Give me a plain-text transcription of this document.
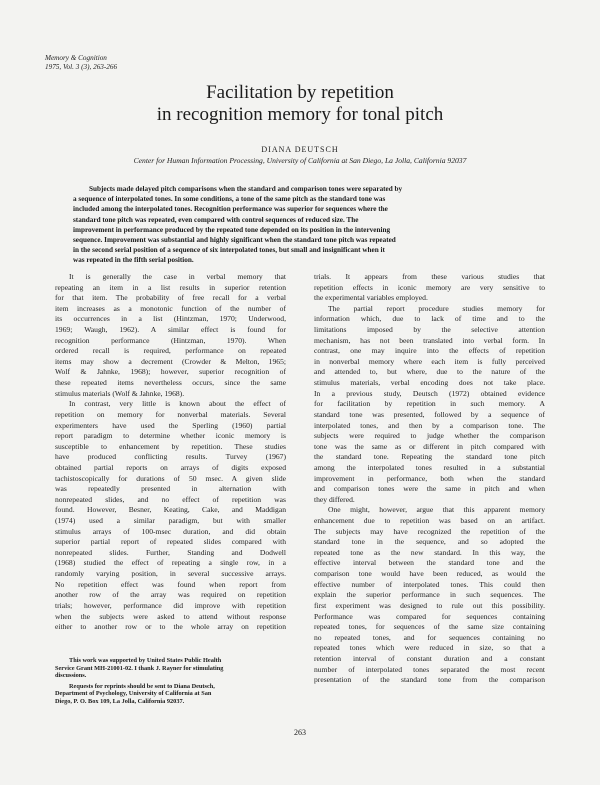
Memory & Cognition
1975, Vol. 3 (3), 263-266
Facilitation by repetition
in recognition memory for tonal pitch
DIANA DEUTSCH
Center for Human Information Processing, University of California at San Diego, La Jolla, California 92037
Subjects made delayed pitch comparisons when the standard and comparison tones were separated by
a sequence of interpolated tones. In some conditions, a tone of the same pitch as the standard tone was
included among the interpolated tones. Recognition performance was superior for sequences where the
standard tone pitch was repeated, even compared with control sequences of reduced size. The
improvement in performance produced by the repeated tone depended on its position in the intervening
sequence. Improvement was substantial and highly significant when the standard tone pitch was repeated
in the second serial position of a sequence of six interpolated tones, but small and insignificant when it
was repeated in the fifth serial position.
It is generally the case in verbal memory that
repeating an item in a list results in superior retention
for that item. The probability of free recall for a verbal
item increases as a monotonic function of the number of
its occurrences in a list (Hintzman, 1970; Underwood,
1969; Waugh, 1962). A similar effect is found for
recognition performance (Hintzman, 1970). When
ordered recall is required, performance on repeated
items may show a decrement (Crowder & Melton, 1965;
Wolf & Jahnke, 1968); however, superior recognition of
these repeated items nevertheless occurs, since the same
stimulus materials (Wolf & Jahnke, 1968).
In contrast, very little is known about the effect of
repetition on memory for nonverbal materials. Several
experimenters have used the Sperling (1960) partial
report paradigm to determine whether iconic memory is
susceptible to enhancement by repetition. These studies
have produced conflicting results. Turvey (1967)
obtained partial reports on arrays of digits exposed
tachistoscopically for durations of 50 msec. A given slide
was repeatedly presented in alternation with
nonrepeated slides, and no effect of repetition was
found. However, Besner, Keating, Cake, and Maddigan
(1974) used a similar paradigm, but with smaller
stimulus arrays of 100-msec duration, and did obtain
superior partial report of repeated slides compared with
nonrepeated slides. Further, Standing and Dodwell
(1968) studied the effect of repeating a single row, in a
randomly varying position, in several successive arrays.
No repetition effect was found when report from
another row of the array was required on repetition
trials; however, performance did improve with repetition
when the subjects were asked to attend without response
either to another row or to the whole array on repetition
This work was supported by United States Public Health
Service Grant MH-21001-02. I thank J. Rayner for stimulating
discussions.
Requests for reprints should be sent to Diana Deutsch,
Department of Psychology, University of California at San
Diego, P. O. Box 109, La Jolla, California 92037.
trials. It appears from these various studies that
repetition effects in iconic memory are very sensitive to
the experimental variables employed.
The partial report procedure studies memory for
information which, due to lack of time and to the
limitations imposed by the selective attention
mechanism, has not been translated into verbal form. In
contrast, one may inquire into the effects of repetition
in nonverbal memory where each item is fully perceived
and attended to, but where, due to the nature of the
stimulus materials, verbal encoding does not take place.
In a previous study, Deutsch (1972) obtained evidence
for facilitation by repetition in such memory. A
standard tone was presented, followed by a sequence of
interpolated tones, and then by a comparison tone. The
subjects were required to judge whether the comparison
tone was the same as or different in pitch compared with
the standard tone. Repeating the standard tone pitch
among the interpolated tones resulted in a substantial
improvement in performance, both when the standard
and comparison tones were the same in pitch and when
they differed.
One might, however, argue that this apparent memory
enhancement due to repetition was based on an artifact.
The subjects may have recognized the repetition of the
standard tone in the sequence, and so adopted the
repeated tone as the new standard. In this way, the
effective interval between the standard tone and the
comparison tone would have been reduced, as would the
effective number of interpolated tones. This could then
explain the superior performance in such sequences. The
first experiment was designed to rule out this possibility.
Performance was compared for sequences containing
repeated tones, for sequences of the same size containing
no repeated tones, and for sequences containing no
repeated tones which were reduced in size, so that a
retention interval of constant duration and a constant
number of interpolated tones separated the most recent
presentation of the standard tone from the comparison
263
